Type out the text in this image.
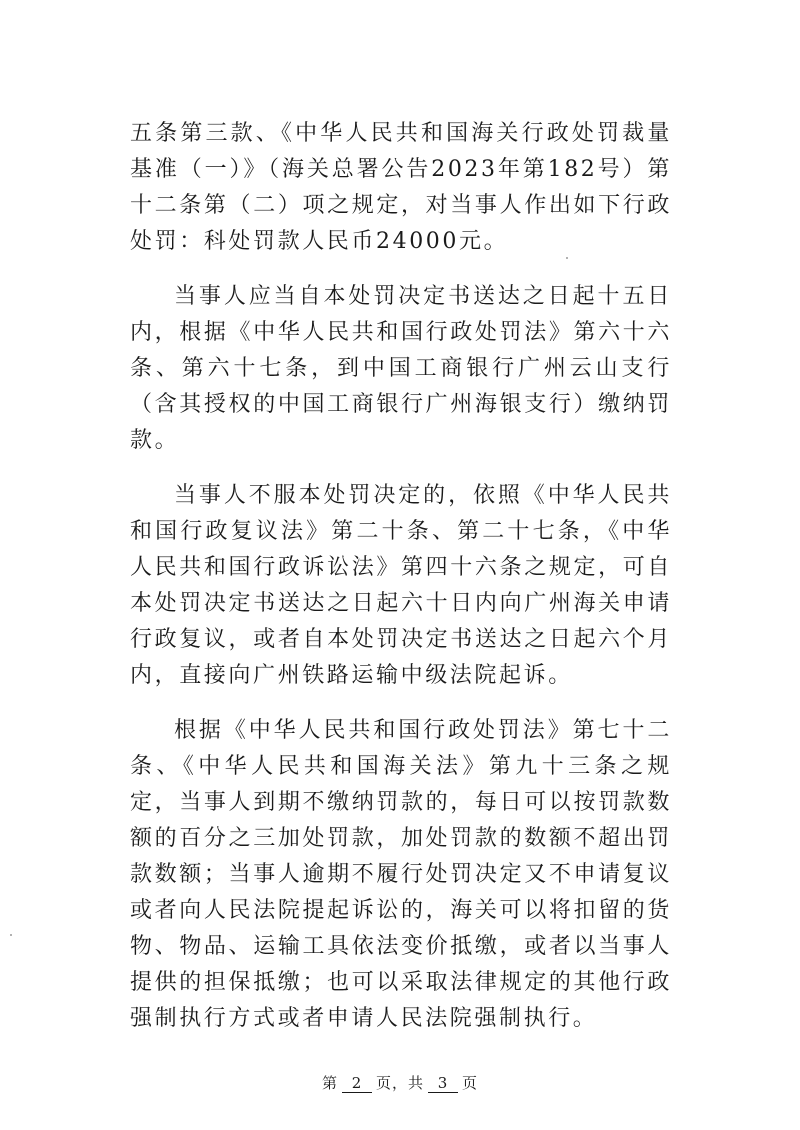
五条第三款、《中华人民共和国海关行政处罚裁量基准（一）》（海关总署公告2023年第182号）第十二条第（二）项之规定，对当事人作出如下行政处罚：科处罚款人民币24000元。

当事人应当自本处罚决定书送达之日起十五日内，根据《中华人民共和国行政处罚法》第六十六条、第六十七条，到中国工商银行广州云山支行（含其授权的中国工商银行广州海银支行）缴纳罚款。

当事人不服本处罚决定的，依照《中华人民共和国行政复议法》第二十条、第二十七条，《中华人民共和国行政诉讼法》第四十六条之规定，可自本处罚决定书送达之日起六十日内向广州海关申请行政复议，或者自本处罚决定书送达之日起六个月内，直接向广州铁路运输中级法院起诉。

根据《中华人民共和国行政处罚法》第七十二条、《中华人民共和国海关法》第九十三条之规定，当事人到期不缴纳罚款的，每日可以按罚款数额的百分之三加处罚款，加处罚款的数额不超出罚款数额；当事人逾期不履行处罚决定又不申请复议或者向人民法院提起诉讼的，海关可以将扣留的货物、物品、运输工具依法变价抵缴，或者以当事人提供的担保抵缴；也可以采取法律规定的其他行政强制执行方式或者申请人民法院强制执行。

第 2 页，共 3 页
